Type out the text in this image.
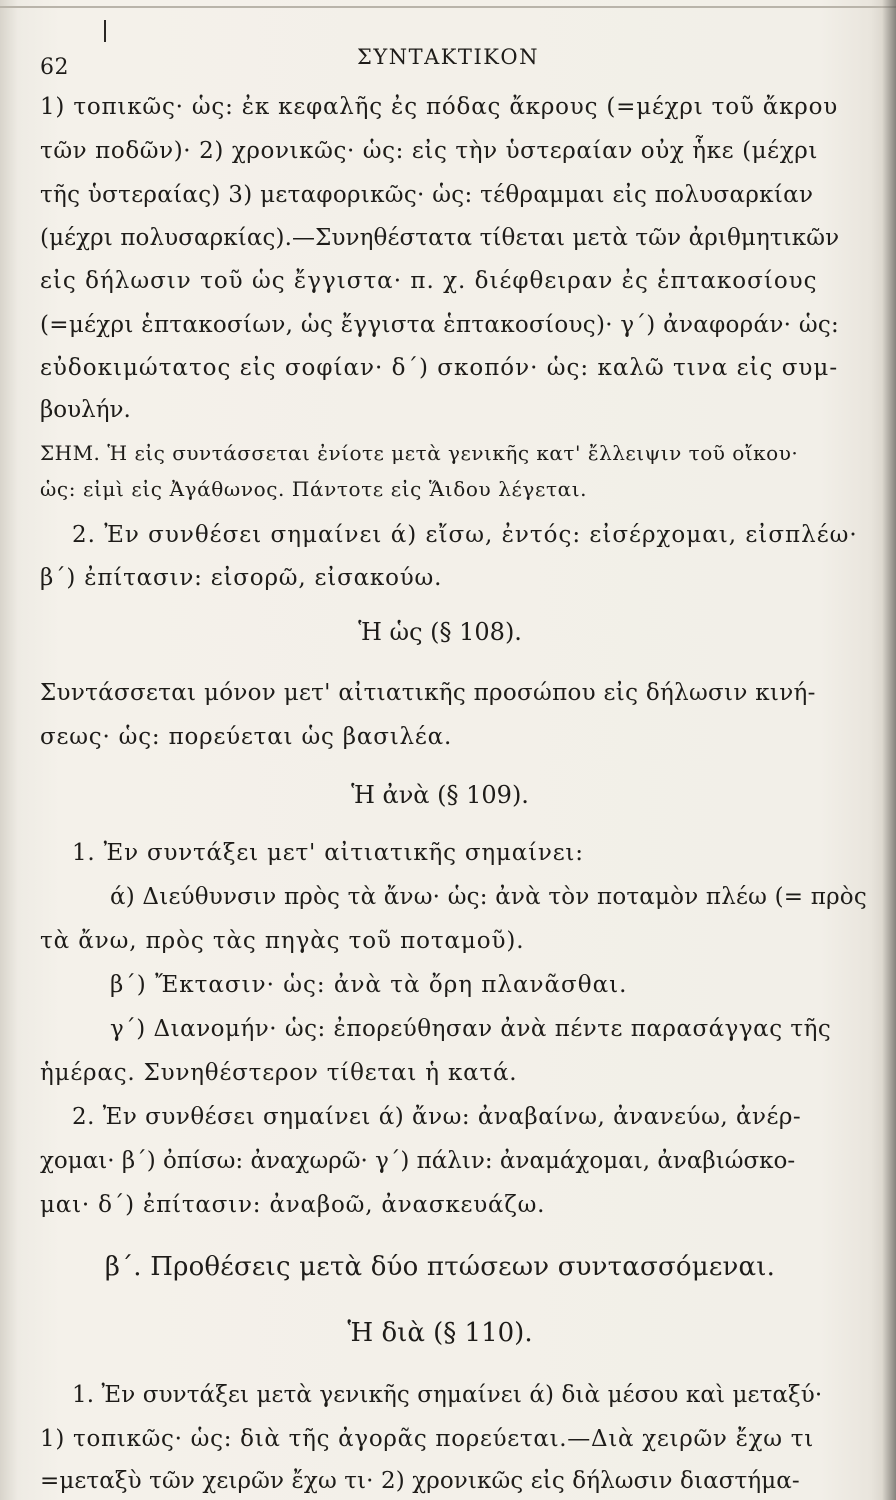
62	ΣΥΝΤΑΚΤΙΚΟΝ
1) τοπικῶς· ὡς: ἐκ κεφαλῆς ἐς πόδας ἄκρους (=μέχρι τοῦ ἄκρου
τῶν ποδῶν)· 2) χρονικῶς· ὡς: εἰς τὴν ὑστεραίαν οὐχ ἧκε (μέχρι
τῆς ὑστεραίας) 3) μεταφορικῶς· ὡς: τέθραμμαι εἰς πολυσαρκίαν
(μέχρι πολυσαρκίας).—Συνηθέστατα τίθεται μετὰ τῶν ἀριθμητικῶν
εἰς δήλωσιν τοῦ ὡς ἔγγιστα· π. χ. διέφθειραν ἐς ἑπτακοσίους
(=μέχρι ἑπτακοσίων, ὡς ἔγγιστα ἑπτακοσίους)· γ΄) ἀναφοράν· ὡς:
εὐδοκιμώτατος εἰς σοφίαν· δ΄) σκοπόν· ὡς: καλῶ τινα εἰς συμ-
βουλήν.
ΣΗΜ. Ἡ εἰς συντάσσεται ἐνίοτε μετὰ γενικῆς κατ' ἔλλειψιν τοῦ οἴκου·
ὡς: εἰμὶ εἰς Ἀγάθωνος. Πάντοτε εἰς Ἅιδου λέγεται.
2. Ἐν συνθέσει σημαίνει ά) εἴσω, ἐντός: εἰσέρχομαι, εἰσπλέω·
β΄) ἐπίτασιν: εἰσορῶ, εἰσακούω.
Ἡ ὡς (§ 108).
Συντάσσεται μόνον μετ' αἰτιατικῆς προσώπου εἰς δήλωσιν κινή-
σεως· ὡς: πορεύεται ὡς βασιλέα.
Ἡ ἀνὰ (§ 109).
1. Ἐν συντάξει μετ' αἰτιατικῆς σημαίνει:
ά) Διεύθυνσιν πρὸς τὰ ἄνω· ὡς: ἀνὰ τὸν ποταμὸν πλέω (= πρὸς
τὰ ἄνω, πρὸς τὰς πηγὰς τοῦ ποταμοῦ).
β΄) Ἔκτασιν· ὡς: ἀνὰ τὰ ὄρη πλανᾶσθαι.
γ΄) Διανομήν· ὡς: ἐπορεύθησαν ἀνὰ πέντε παρασάγγας τῆς
ἡμέρας. Συνηθέστερον τίθεται ἡ κατά.
2. Ἐν συνθέσει σημαίνει ά) ἄνω: ἀναβαίνω, ἀνανεύω, ἀνέρ-
χομαι· β΄) ὀπίσω: ἀναχωρῶ· γ΄) πάλιν: ἀναμάχομαι, ἀναβιώσκο-
μαι· δ΄) ἐπίτασιν: ἀναβοῶ, ἀνασκευάζω.
β΄. Προθέσεις μετὰ δύο πτώσεων συντασσόμεναι.
Ἡ διὰ (§ 110).
1. Ἐν συντάξει μετὰ γενικῆς σημαίνει ά) διὰ μέσου καὶ μεταξύ·
1) τοπικῶς· ὡς: διὰ τῆς ἀγορᾶς πορεύεται.—Διὰ χειρῶν ἔχω τι
=μεταξὺ τῶν χειρῶν ἔχω τι· 2) χρονικῶς εἰς δήλωσιν διαστήμα-
